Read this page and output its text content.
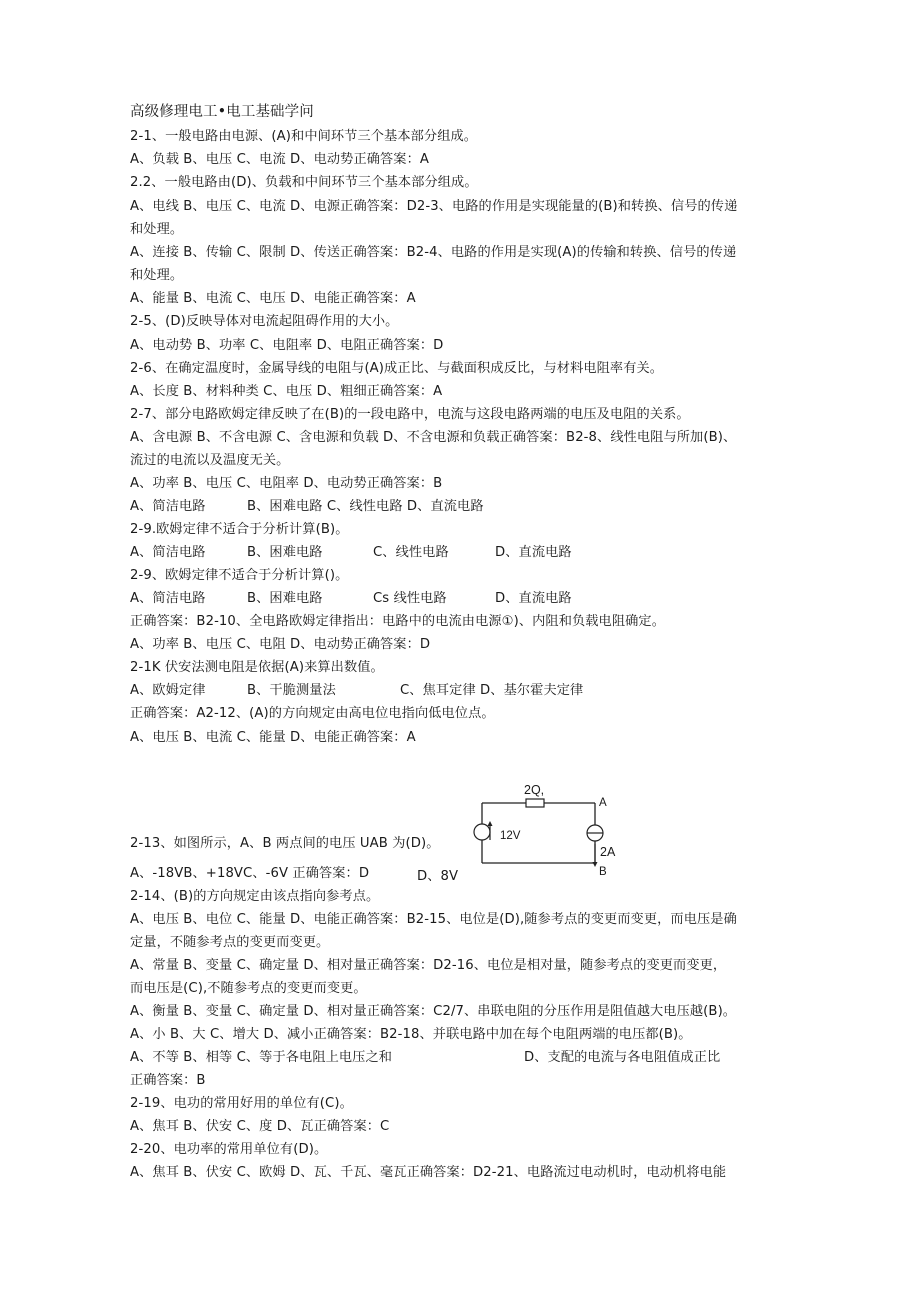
高级修理电工•电工基础学问
2-1、一般电路由电源、(A)和中间环节三个基本部分组成。
A、负载 B、电压 C、电流 D、电动势正确答案：A
2.2、一般电路由(D)、负载和中间环节三个基本部分组成。
A、电线 B、电压 C、电流 D、电源正确答案：D2-3、电路的作用是实现能量的(B)和转换、信号的传递
和处理。
A、连接 B、传输 C、限制 D、传送正确答案：B2-4、电路的作用是实现(A)的传输和转换、信号的传递
和处理。
A、能量 B、电流 C、电压 D、电能正确答案：A
2-5、(D)反映导体对电流起阻碍作用的大小。
A、电动势 B、功率 C、电阻率 D、电阻正确答案：D
2-6、在确定温度时，金属导线的电阻与(A)成正比、与截面积成反比，与材料电阻率有关。
A、长度 B、材料种类 C、电压 D、粗细正确答案：A
2-7、部分电路欧姆定律反映了在(B)的一段电路中，电流与这段电路两端的电压及电阻的关系。
A、含电源 B、不含电源 C、含电源和负载 D、不含电源和负载正确答案：B2-8、线性电阻与所加(B)、
流过的电流以及温度无关。
A、功率 B、电压 C、电阻率 D、电动势正确答案：B
A、简洁电路	B、困难电路 C、线性电路 D、直流电路
2-9.欧姆定律不适合于分析计算(B)。
A、简洁电路	B、困难电路	C、线性电路	D、直流电路
2-9、欧姆定律不适合于分析计算()。
A、简洁电路	B、困难电路	Cs 线性电路	D、直流电路
正确答案：B2-10、全电路欧姆定律指出：电路中的电流由电源①)、内阻和负载电阻确定。
A、功率 B、电压 C、电阻 D、电动势正确答案：D
2-1K 伏安法测电阻是依据(A)来算出数值。
A、欧姆定律	B、干脆测量法	C、焦耳定律 D、基尔霍夫定律
正确答案：A2-12、(A)的方向规定由高电位电指向低电位点。
A、电压 B、电流 C、能量 D、电能正确答案：A
2-13、如图所示，A、B 两点间的电压 UAB 为(D)。
A、-18VB、+18VC、-6V 正确答案：D	D、8V
2Q,
12V
2A
A
B
2-14、(B)的方向规定由该点指向参考点。
A、电压 B、电位 C、能量 D、电能正确答案：B2-15、电位是(D),随参考点的变更而变更，而电压是确
定量，不随参考点的变更而变更。
A、常量 B、变量 C、确定量 D、相对量正确答案：D2-16、电位是相对量，随参考点的变更而变更，
而电压是(C),不随参考点的变更而变更。
A、衡量 B、变量 C、确定量 D、相对量正确答案：C2/7、串联电阻的分压作用是阻值越大电压越(B)。
A、小 B、大 C、增大 D、减小正确答案：B2-18、并联电路中加在每个电阻两端的电压都(B)。
A、不等 B、相等 C、等于各电阻上电压之和	D、支配的电流与各电阻值成正比
正确答案：B
2-19、电功的常用好用的单位有(C)。
A、焦耳 B、伏安 C、度 D、瓦正确答案：C
2-20、电功率的常用单位有(D)。
A、焦耳 B、伏安 C、欧姆 D、瓦、千瓦、毫瓦正确答案：D2-21、电路流过电动机时，电动机将电能
